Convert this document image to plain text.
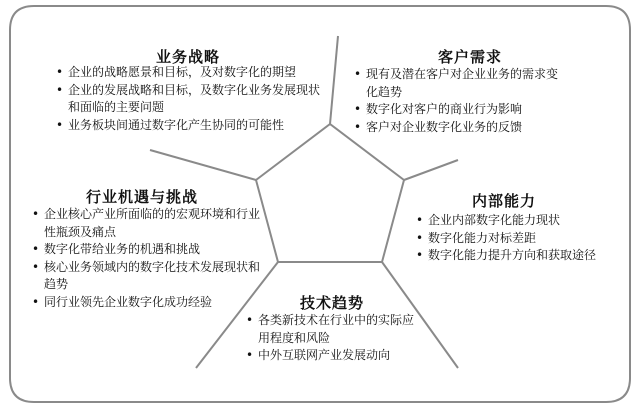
业务战略
• 企业的战略愿景和目标，及对数字化的期望
• 企业的发展战略和目标，及数字化业务发展现状和面临的主要问题
• 业务板块间通过数字化产生协同的可能性
客户需求
• 现有及潜在客户对企业业务的需求变化趋势
• 数字化对客户的商业行为影响
• 客户对企业数字化业务的反馈
行业机遇与挑战
• 企业核心产业所面临的的宏观环境和行业性瓶颈及痛点
• 数字化带给业务的机遇和挑战
• 核心业务领域内的数字化技术发展现状和趋势
• 同行业领先企业数字化成功经验
内部能力
• 企业内部数字化能力现状
• 数字化能力对标差距
• 数字化能力提升方向和获取途径
技术趋势
• 各类新技术在行业中的实际应用程度和风险
• 中外互联网产业发展动向
